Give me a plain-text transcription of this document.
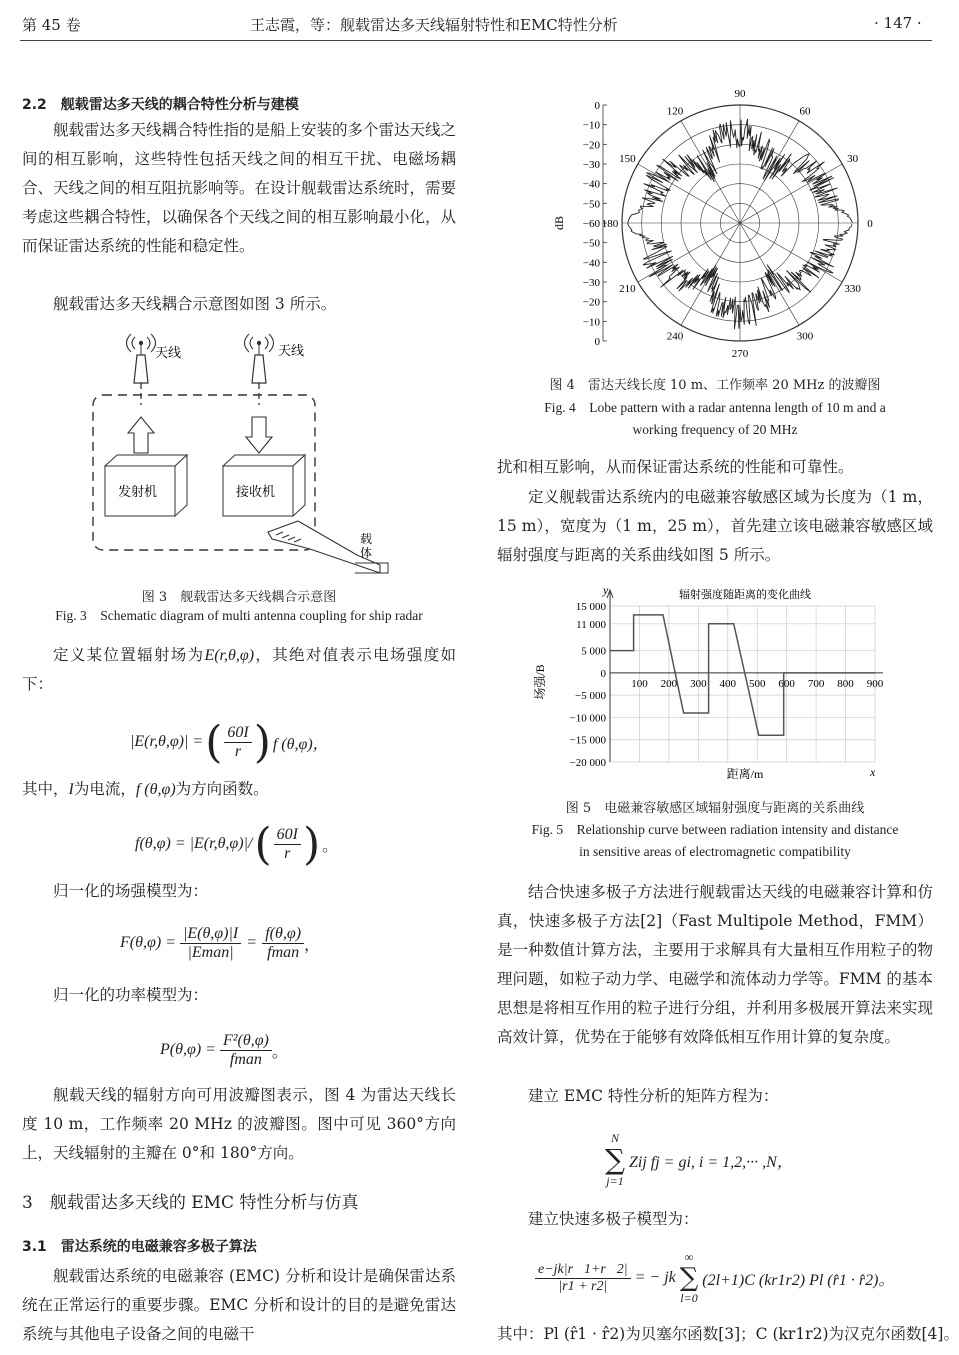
第 45 卷	王志霞，等：舰载雷达多天线辐射特性和EMC特性分析	· 147 ·
2.2　舰载雷达多天线的耦合特性分析与建模

舰载雷达多天线耦合特性指的是船上安装的多个雷达天线之间的相互影响，这些特性包括天线之间的相互干扰、电磁场耦合、天线之间的相互阻抗影响等。在设计舰载雷达系统时，需要考虑这些耦合特性，以确保各个天线之间的相互影响最小化，从而保证雷达系统的性能和稳定性。

舰载雷达多天线耦合示意图如图 3 所示。

天线	天线
发射机	接收机
载
体
图 3　舰载雷达多天线耦合示意图
Fig. 3　Schematic diagram of multi antenna coupling for ship radar

定义某位置辐射场为E(r,θ,φ)，其绝对值表示电场强度如下：

|E(r,θ,φ)| = ( $\frac{60I}{r}$ ) f (θ,φ)，

其中，I为电流，f (θ,φ)为方向函数。

f(θ,φ) = |E(r,θ,φ)|/ ( $\frac{60I}{r}$ ) 。

归一化的场强模型为：

$F(\theta,\varphi) = \frac{|E(\theta,\varphi)|I}{\text{|Eman|}} = \frac{f(\theta,\varphi)}{\text{fman}}$ ，

归一化的功率模型为：

$P(\theta,\varphi) = \frac{\text{F²(θ,φ)}}{\text{fman}}$ 。

舰载天线的辐射方向可用波瓣图表示，图 4 为雷达天线长度 10 m，工作频率 20 MHz 的波瓣图。图中可见 360°方向上，天线辐射的主瓣在 0°和 180°方向。

3　舰载雷达多天线的 EMC 特性分析与仿真
3.1　雷达系统的电磁兼容多极子算法

舰载雷达系统的电磁兼容 (EMC) 分析和设计是确保雷达系统在正常运行的重要步骤。EMC 分析和设计的目的是避免雷达系统与其他电子设备之间的电磁干

0
30
60
90
120
150
180
210
240
270
300
330
0
−10
−20
−30
−40
−50
−60
−50
−40
−30
−20
−10
0
dB
图 4　雷达天线长度 10 m、工作频率 20 MHz 的波瓣图
Fig. 4　Lobe pattern with a radar antenna length of 10 m and a
working frequency of 20 MHz

扰和相互影响，从而保证雷达系统的性能和可靠性。

定义舰载雷达系统内的电磁兼容敏感区域为长度为（1 m，15 m），宽度为（1 m，25 m），首先建立该电磁兼容敏感区域辐射强度与距离的关系曲线如图 5 所示。

辐射强度随距离的变化曲线
15 000
11 000
5 000
0
−5 000
−10 000
−15 000
−20 000
100 200 300 400 500 600 700 800 900
场强/B
距离/m
y
x
图 5　电磁兼容敏感区域辐射强度与距离的关系曲线
Fig. 5　Relationship curve between radiation intensity and distance
in sensitive areas of electromagnetic compatibility

结合快速多极子方法进行舰载雷达天线的电磁兼容计算和仿真，快速多极子方法[2]（Fast Multipole Method，FMM）是一种数值计算方法，主要用于求解具有大量相互作用粒子的物理问题，如粒子动力学、电磁学和流体动力学等。FMM 的基本思想是将相互作用的粒子进行分组，并利用多极展开算法来实现高效计算，优势在于能够有效降低相互作用计算的复杂度。

建立 EMC 特性分析的矩阵方程为：

N
∑
j=1
Zij fj = gi, i = 1,2,··· ,N，

建立快速多极子模型为：

$\frac{e-jk|r⃗1+r⃗2|}{|r1 + r2|}$ = − jk
∞
∑
l=0
(2l+1)C (kr1r2) Pl (r̂1 · r̂2)。

其中：Pl (r̂1 · r̂2)为贝塞尔函数[3]；C (kr1r2)为汉克尔函数[4]。
